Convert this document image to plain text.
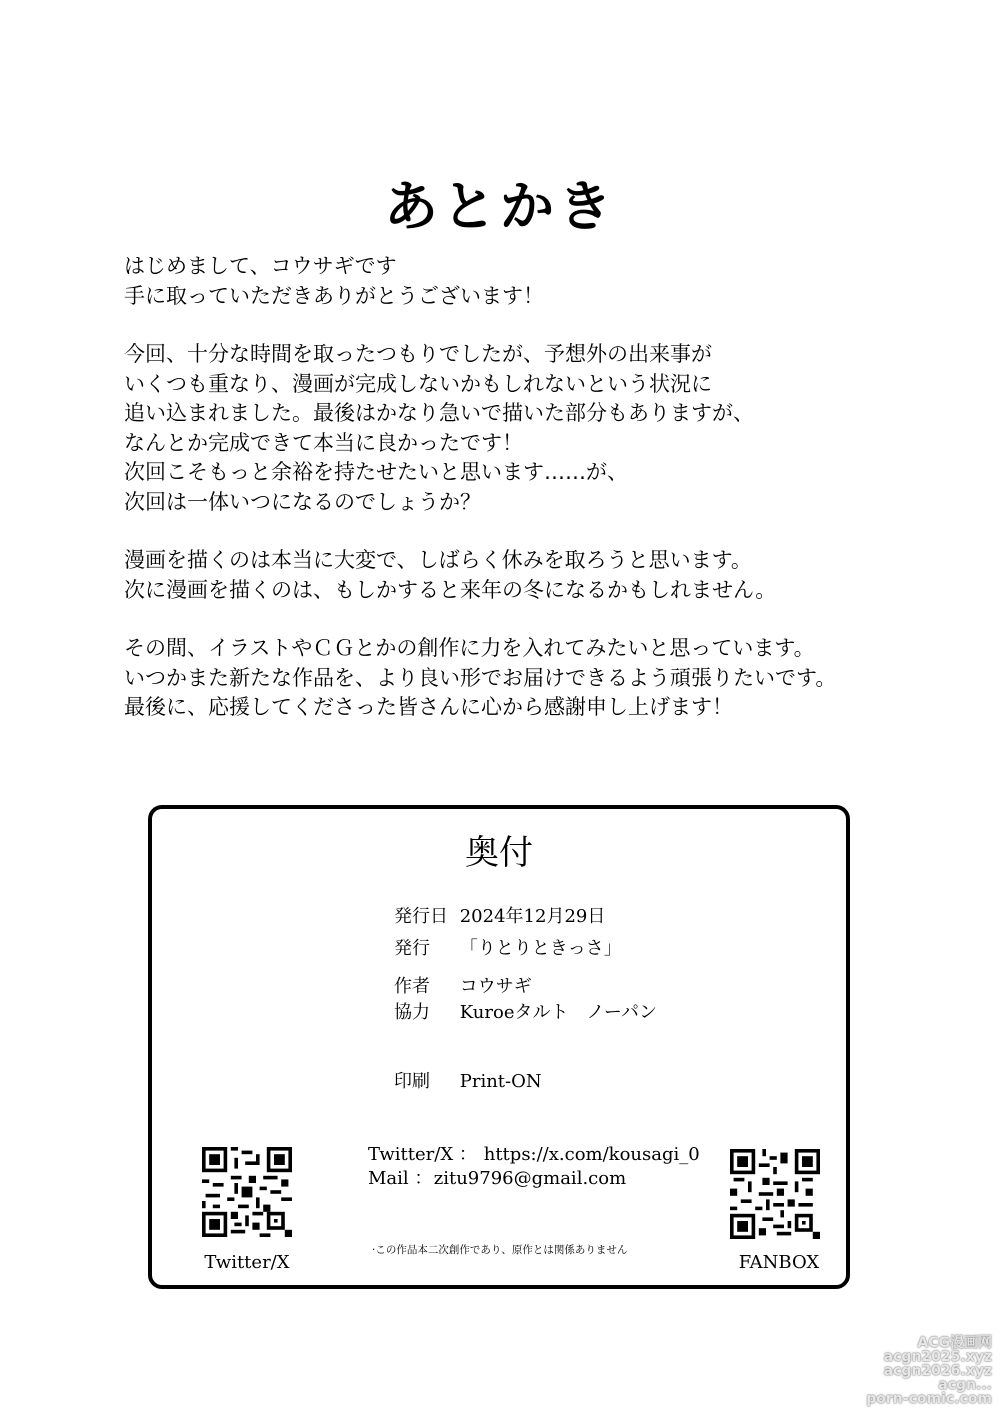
あとかき
はじめまして、コウサギです
手に取っていただきありがとうございます！
今回、十分な時間を取ったつもりでしたが、予想外の出来事が
いくつも重なり、漫画が完成しないかもしれないという状況に
追い込まれました。最後はかなり急いで描いた部分もありますが、
なんとか完成できて本当に良かったです！
次回こそもっと余裕を持たせたいと思います……が、
次回は一体いつになるのでしょうか？
漫画を描くのは本当に大変で、しばらく休みを取ろうと思います。
次に漫画を描くのは、もしかすると来年の冬になるかもしれません。
その間、イラストやＣＧとかの創作に力を入れてみたいと思っています。
いつかまた新たな作品を、より良い形でお届けできるよう頑張りたいです。
最後に、応援してくださった皆さんに心から感謝申し上げます！
奥付
発行日 2024年12月29日
発行 「りとりときっさ」
作者 コウサギ
協力 Kuroeタルト　ノーパン
印刷 Print-ON
Twitter/X ： https://x.com/kousagi_0
Mail ： zitu9796@gmail.com
·この作品本二次創作であり、原作とは関係ありません
Twitter/X	FANBOX
ACG漫画网
acgn2025.xyz
acgn2026.xyz
acgn...
porn-comic.com
